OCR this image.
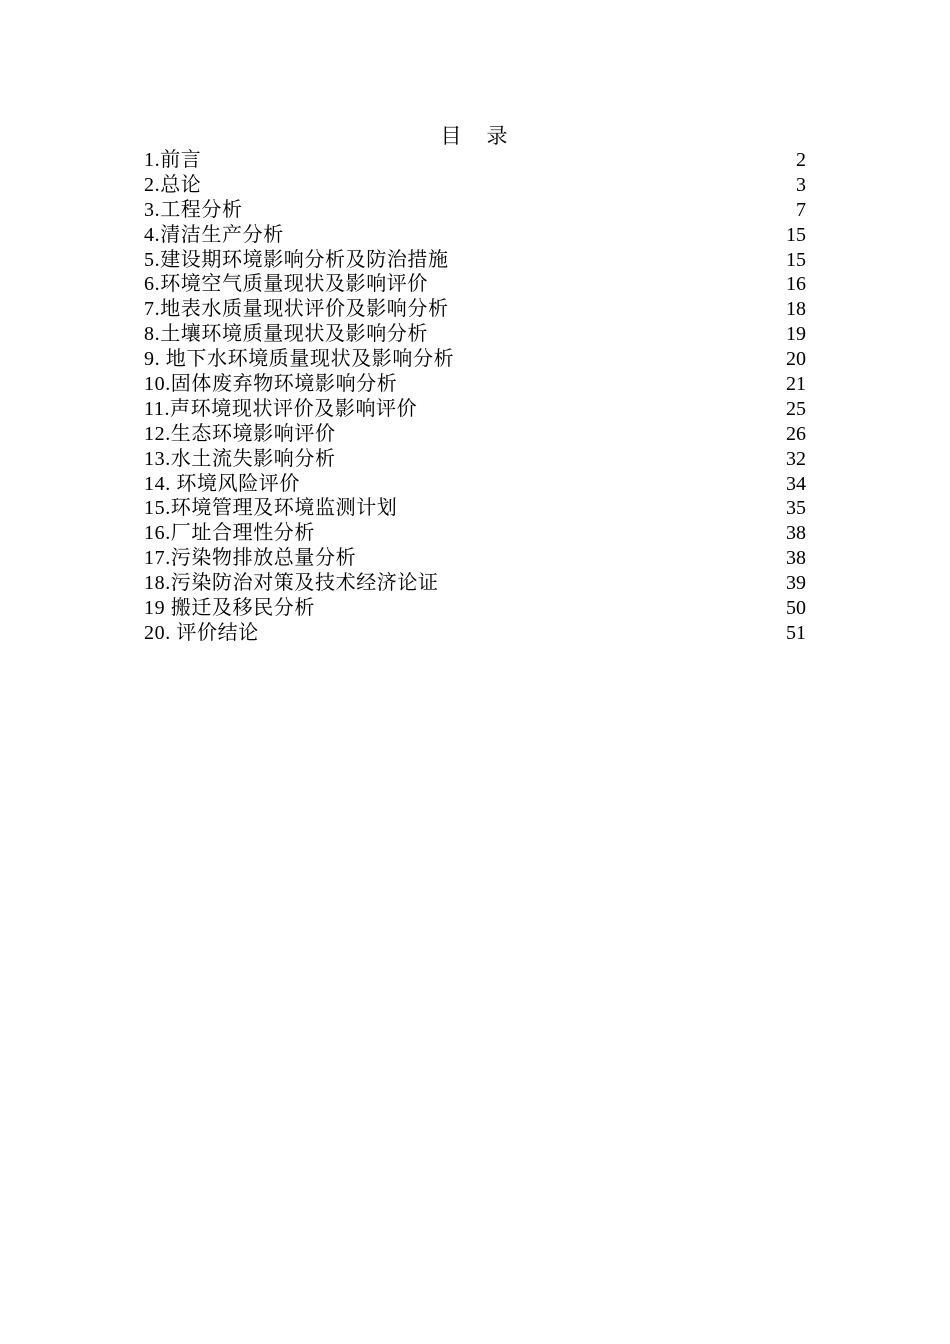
目　录
1.前言	2
2.总论	3
3.工程分析	7
4.清洁生产分析	15
5.建设期环境影响分析及防治措施	15
6.环境空气质量现状及影响评价	16
7.地表水质量现状评价及影响分析	18
8.土壤环境质量现状及影响分析	19
9. 地下水环境质量现状及影响分析	20
10.固体废弃物环境影响分析	21
11.声环境现状评价及影响评价	25
12.生态环境影响评价	26
13.水土流失影响分析	32
14. 环境风险评价	34
15.环境管理及环境监测计划	35
16.厂址合理性分析	38
17.污染物排放总量分析	38
18.污染防治对策及技术经济论证	39
19 搬迁及移民分析	50
20. 评价结论	51
